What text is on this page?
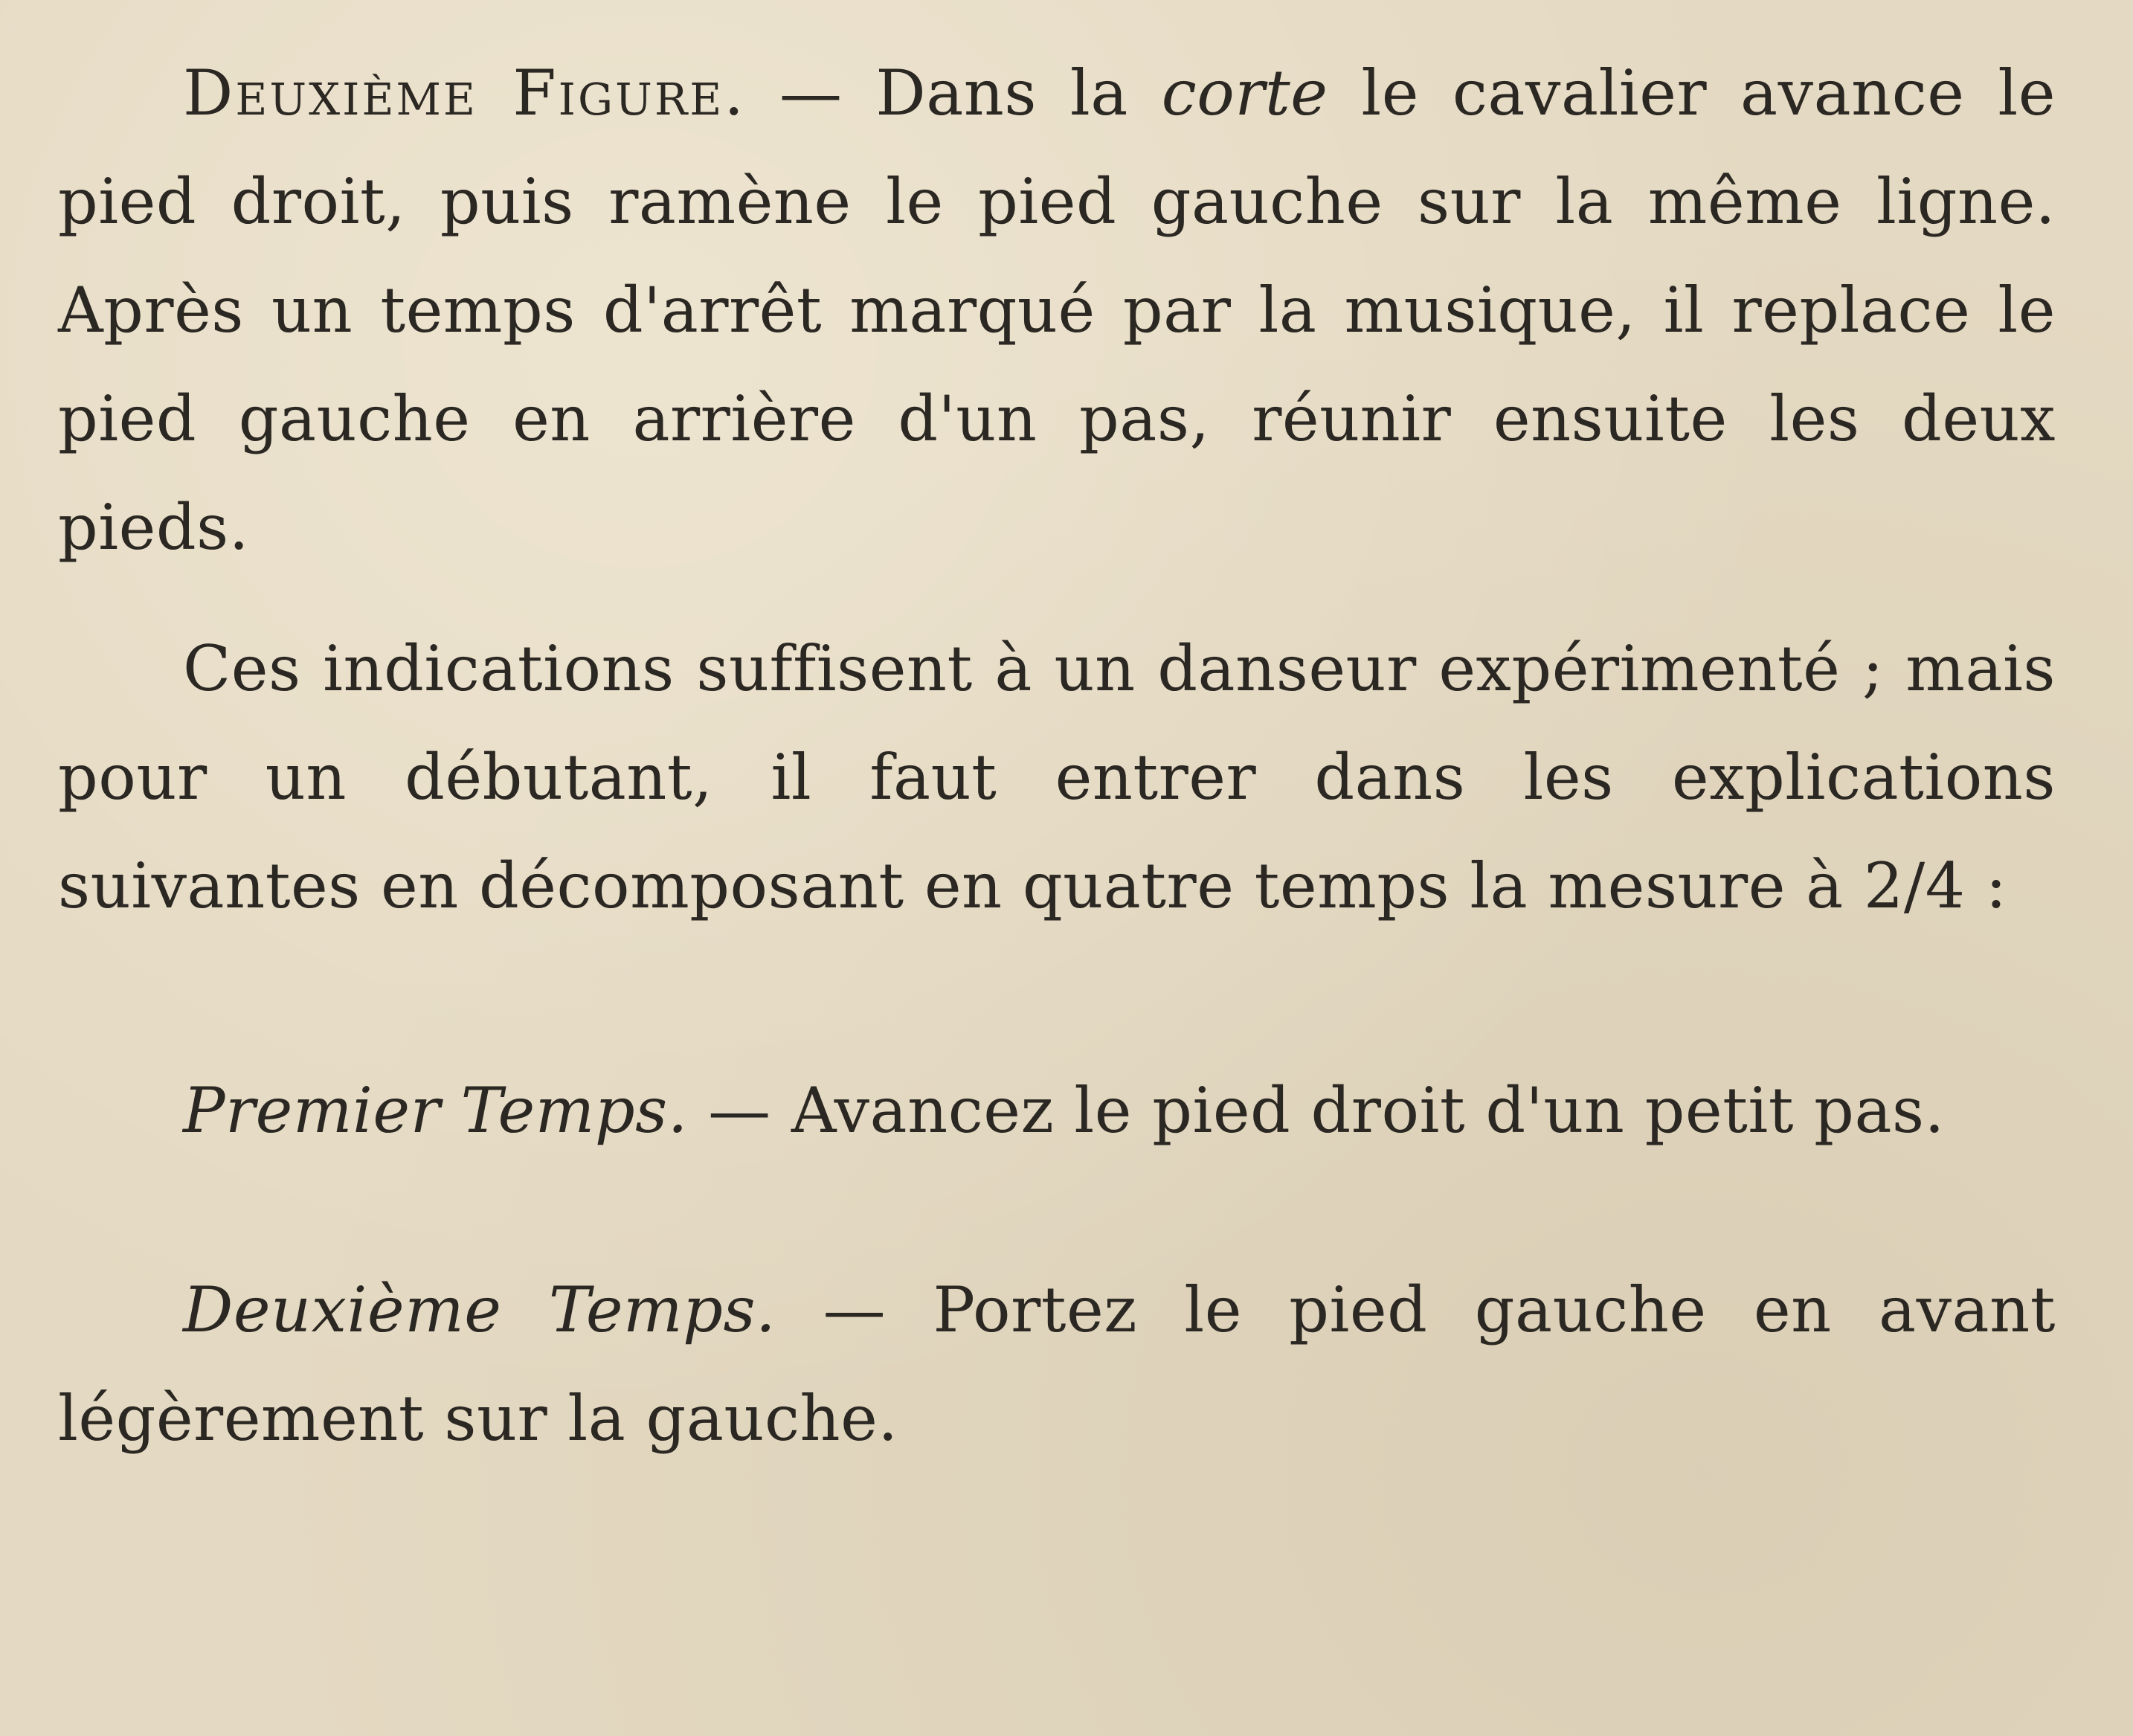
Deuxième Figure. — Dans la corte le cavalier avance le pied droit, puis ramène le pied gauche sur la même ligne. Après un temps d'arrêt marqué par la musique, il replace le pied gauche en arrière d'un pas, réunir ensuite les deux pieds.

Ces indications suffisent à un danseur expérimenté ; mais pour un débutant, il faut entrer dans les explications suivantes en décomposant en quatre temps la mesure à 2/4 :

Premier Temps. — Avancez le pied droit d'un petit pas.

Deuxième Temps. — Portez le pied gauche en avant légèrement sur la gauche.
